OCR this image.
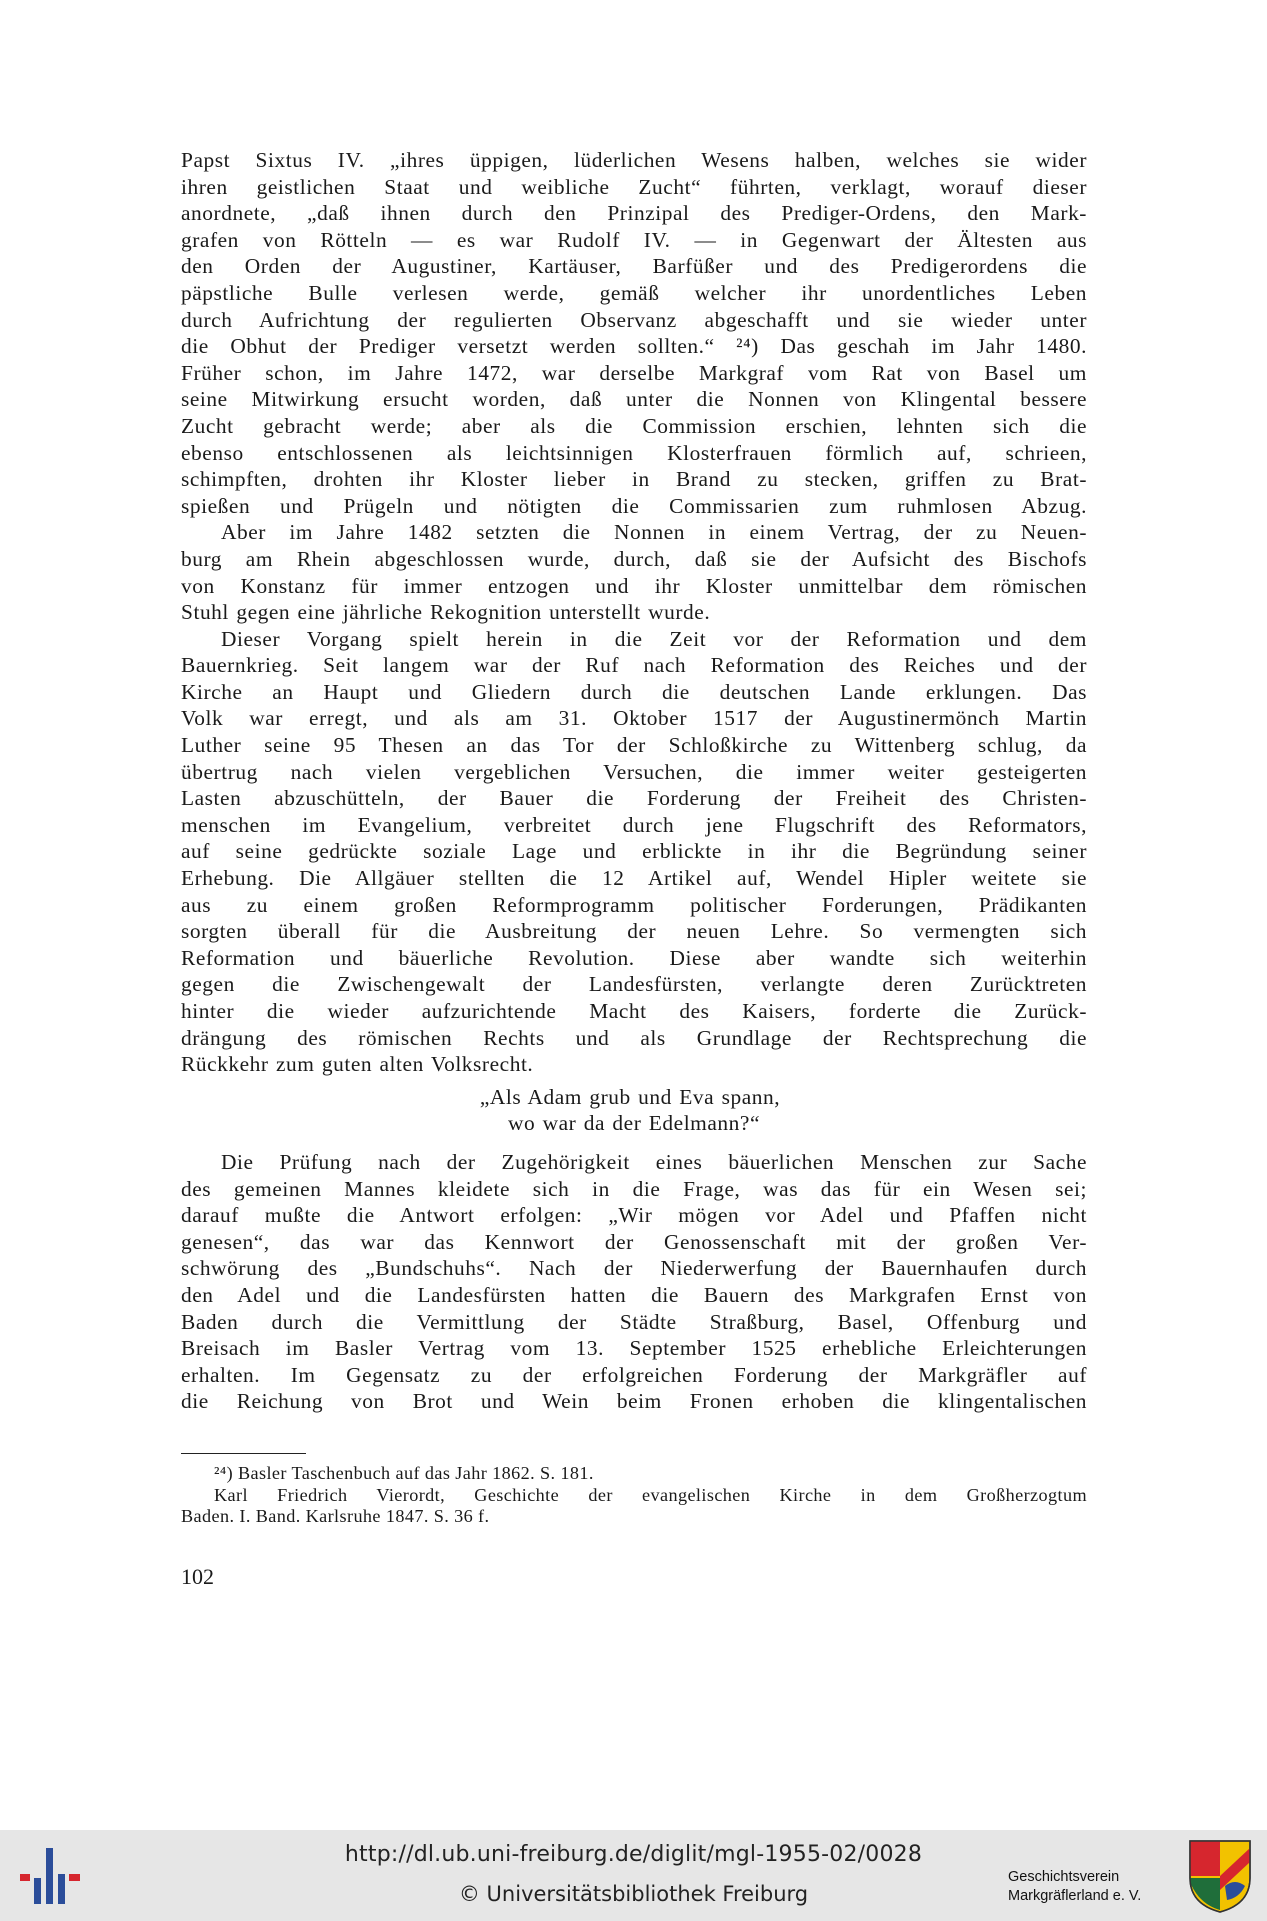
Papst Sixtus IV. „ihres üppigen, lüderlichen Wesens halben, welches sie wider
ihren geistlichen Staat und weibliche Zucht“ führten, verklagt, worauf dieser
anordnete, „daß ihnen durch den Prinzipal des Prediger-Ordens, den Mark-
grafen von Rötteln — es war Rudolf IV. — in Gegenwart der Ältesten aus
den Orden der Augustiner, Kartäuser, Barfüßer und des Predigerordens die
päpstliche Bulle verlesen werde, gemäß welcher ihr unordentliches Leben
durch Aufrichtung der regulierten Observanz abgeschafft und sie wieder unter
die Obhut der Prediger versetzt werden sollten.“ ²⁴) Das geschah im Jahr 1480.
Früher schon, im Jahre 1472, war derselbe Markgraf vom Rat von Basel um
seine Mitwirkung ersucht worden, daß unter die Nonnen von Klingental bessere
Zucht gebracht werde; aber als die Commission erschien, lehnten sich die
ebenso entschlossenen als leichtsinnigen Klosterfrauen förmlich auf, schrieen,
schimpften, drohten ihr Kloster lieber in Brand zu stecken, griffen zu Brat-
spießen und Prügeln und nötigten die Commissarien zum ruhmlosen Abzug.
Aber im Jahre 1482 setzten die Nonnen in einem Vertrag, der zu Neuen-
burg am Rhein abgeschlossen wurde, durch, daß sie der Aufsicht des Bischofs
von Konstanz für immer entzogen und ihr Kloster unmittelbar dem römischen
Stuhl gegen eine jährliche Rekognition unterstellt wurde.
Dieser Vorgang spielt herein in die Zeit vor der Reformation und dem
Bauernkrieg. Seit langem war der Ruf nach Reformation des Reiches und der
Kirche an Haupt und Gliedern durch die deutschen Lande erklungen. Das
Volk war erregt, und als am 31. Oktober 1517 der Augustinermönch Martin
Luther seine 95 Thesen an das Tor der Schloßkirche zu Wittenberg schlug, da
übertrug nach vielen vergeblichen Versuchen, die immer weiter gesteigerten
Lasten abzuschütteln, der Bauer die Forderung der Freiheit des Christen-
menschen im Evangelium, verbreitet durch jene Flugschrift des Reformators,
auf seine gedrückte soziale Lage und erblickte in ihr die Begründung seiner
Erhebung. Die Allgäuer stellten die 12 Artikel auf, Wendel Hipler weitete sie
aus zu einem großen Reformprogramm politischer Forderungen, Prädikanten
sorgten überall für die Ausbreitung der neuen Lehre. So vermengten sich
Reformation und bäuerliche Revolution. Diese aber wandte sich weiterhin
gegen die Zwischengewalt der Landesfürsten, verlangte deren Zurücktreten
hinter die wieder aufzurichtende Macht des Kaisers, forderte die Zurück-
drängung des römischen Rechts und als Grundlage der Rechtsprechung die
Rückkehr zum guten alten Volksrecht.
„Als Adam grub und Eva spann,
wo war da der Edelmann?“
Die Prüfung nach der Zugehörigkeit eines bäuerlichen Menschen zur Sache
des gemeinen Mannes kleidete sich in die Frage, was das für ein Wesen sei;
darauf mußte die Antwort erfolgen: „Wir mögen vor Adel und Pfaffen nicht
genesen“, das war das Kennwort der Genossenschaft mit der großen Ver-
schwörung des „Bundschuhs“. Nach der Niederwerfung der Bauernhaufen durch
den Adel und die Landesfürsten hatten die Bauern des Markgrafen Ernst von
Baden durch die Vermittlung der Städte Straßburg, Basel, Offenburg und
Breisach im Basler Vertrag vom 13. September 1525 erhebliche Erleichterungen
erhalten. Im Gegensatz zu der erfolgreichen Forderung der Markgräfler auf
die Reichung von Brot und Wein beim Fronen erhoben die klingentalischen
²⁴) Basler Taschenbuch auf das Jahr 1862. S. 181.
Karl Friedrich Vierordt, Geschichte der evangelischen Kirche in dem Großherzogtum
Baden. I. Band. Karlsruhe 1847. S. 36 f.
102
http://dl.ub.uni-freiburg.de/diglit/mgl-1955-02/0028
© Universitätsbibliothek Freiburg
Geschichtsverein
Markgräflerland e. V.
